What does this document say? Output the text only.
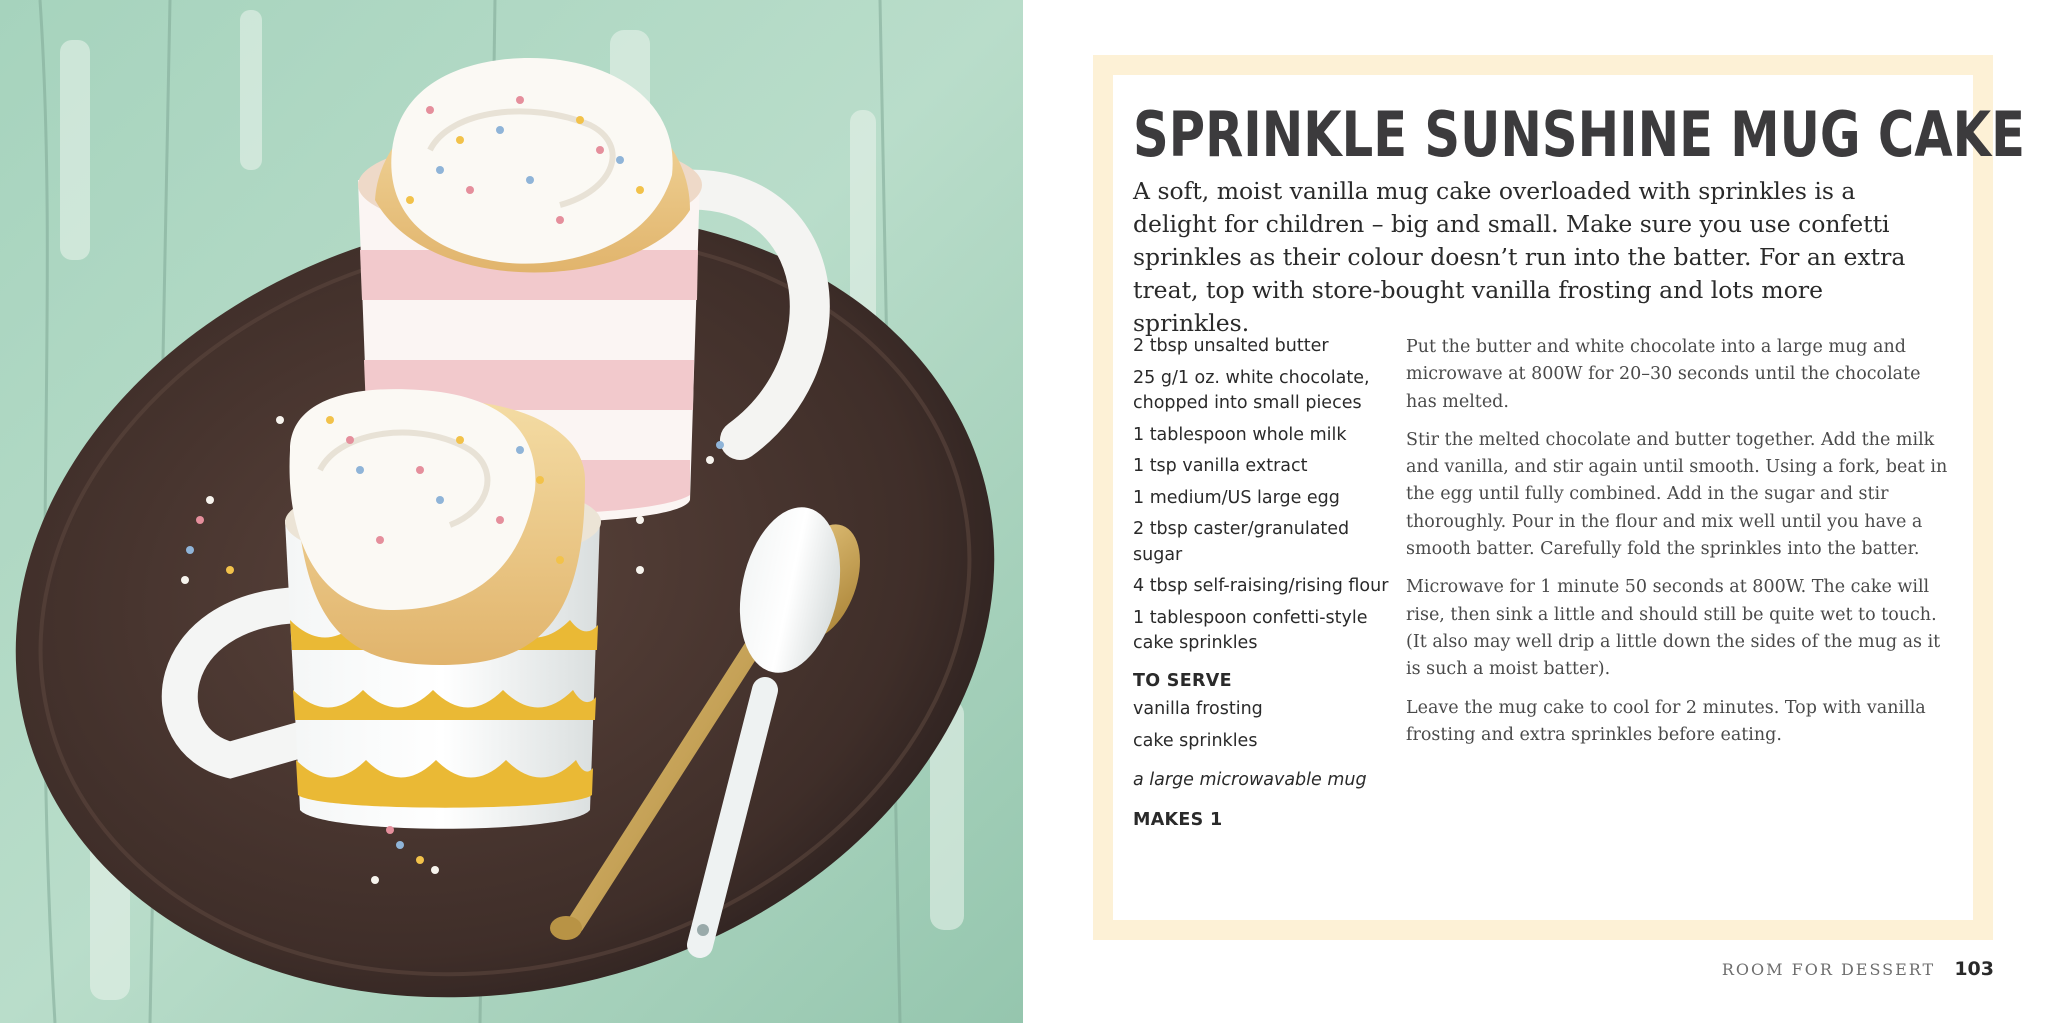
SPRINKLE SUNSHINE MUG CAKE

A soft, moist vanilla mug cake overloaded with sprinkles is a delight for children – big and small. Make sure you use confetti sprinkles as their colour doesn’t run into the batter. For an extra treat, top with store-bought vanilla frosting and lots more sprinkles.

2 tbsp unsalted butter
25 g/1 oz. white chocolate, chopped into small pieces
1 tablespoon whole milk
1 tsp vanilla extract
1 medium/US large egg
2 tbsp caster/granulated sugar
4 tbsp self-raising/rising flour
1 tablespoon confetti-style cake sprinkles
TO SERVE
vanilla frosting
cake sprinkles
a large microwavable mug
MAKES 1

Put the butter and white chocolate into a large mug and microwave at 800W for 20–30 seconds until the chocolate has melted.

Stir the melted chocolate and butter together. Add the milk and vanilla, and stir again until smooth. Using a fork, beat in the egg until fully combined. Add in the sugar and stir thoroughly. Pour in the flour and mix well until you have a smooth batter. Carefully fold the sprinkles into the batter.

Microwave for 1 minute 50 seconds at 800W. The cake will rise, then sink a little and should still be quite wet to touch. (It also may well drip a little down the sides of the mug as it is such a moist batter).

Leave the mug cake to cool for 2 minutes. Top with vanilla frosting and extra sprinkles before eating.

ROOM FOR DESSERT 103
